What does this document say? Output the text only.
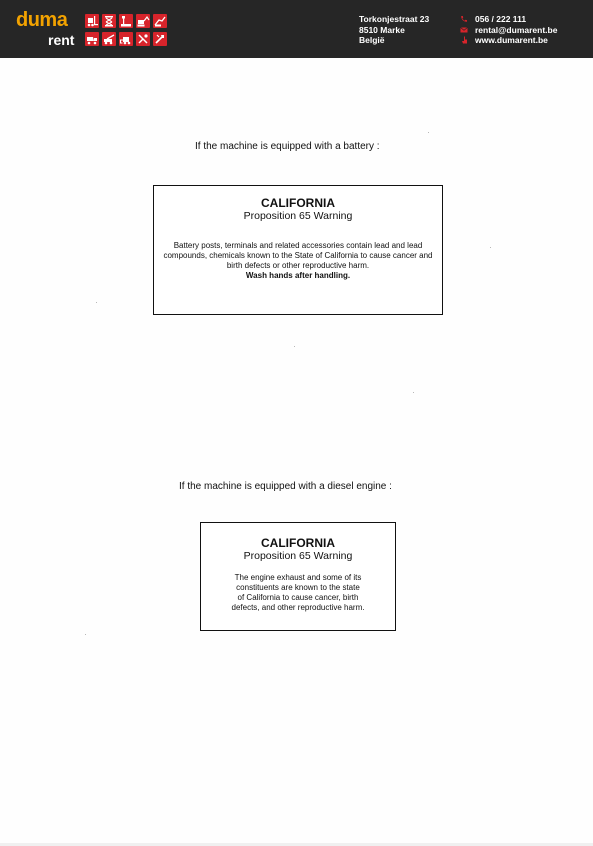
duma
rent
Torkonjestraat 23
8510 Marke
België
056 / 222 111
rental@dumarent.be
www.dumarent.be
If the machine is equipped with a battery :
CALIFORNIA
Proposition 65 Warning
Battery posts, terminals and related accessories contain lead and lead compounds, chemicals known to the State of California to cause cancer and birth defects or other reproductive harm.
Wash hands after handling.
If the machine is equipped with a diesel engine :
CALIFORNIA
Proposition 65 Warning
The engine exhaust and some of its
constituents are known to the state
of California to cause cancer, birth
defects, and other reproductive harm.
